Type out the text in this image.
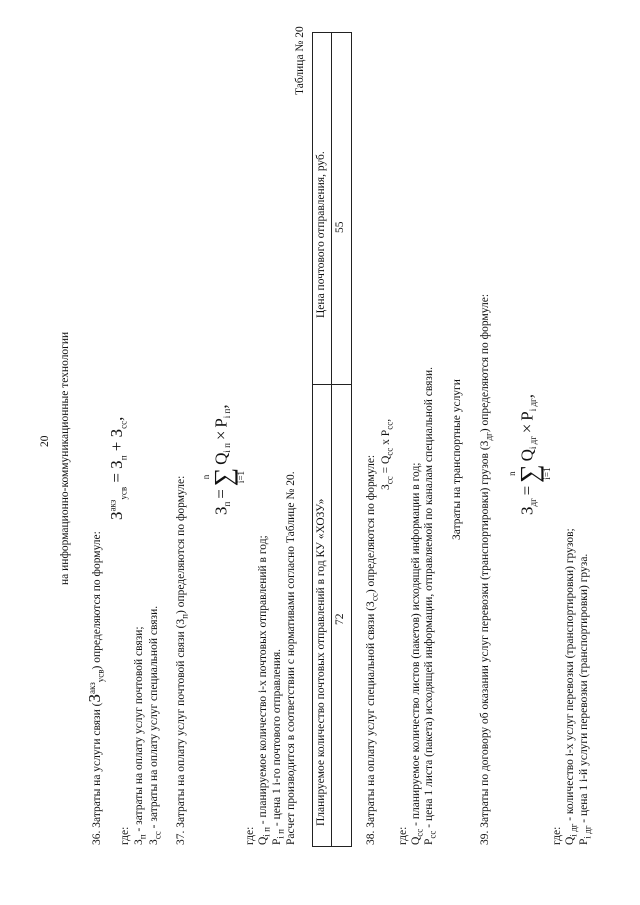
20 на информационно-коммуникационные технологии
36. Затраты на услуги связи $(З^{акз}_{усв})$ определяются по формуле:
$З^{акз}_{усв} = З_п + З_{сс}$,
где: $З_п$ - затраты на оплату услуг почтовой связи;
$З_{сс}$ - затраты на оплату услуг специальной связи. 37. Затраты на оплату услуг почтовой связи $(З_п)$ определяются по формуле:	$З_п$ =
n
∑
i=1
$Q_{i п} \times P_{i п}$,
где: $Q_{i п}$ - планируемое количество i-х почтовых отправлений в год;
$P_{i п}$ - цена 1 i-го почтового отправления. Расчет производится в соответствии с нормативами согласно Таблице № 20.
Таблица № 20
Планируемое количество почтовых отправлений в год КУ «ХОЗУ»
Цена почтового отправления, руб.
72
55
38. Затраты на оплату услуг специальной связи $(З_{сс})$ определяются по формуле: $З_{сс} = Q_{сс}$ х $P_{сс}$,
где: $Q_{сс}$ - планируемое количество листов (пакетов) исходящей информации в год;
$P_{сс}$ - цена 1 листа (пакета) исходящей информации, отправляемой по каналам специальной связи. Затраты на транспортные услуги 39. Затраты по договору об оказании услуг перевозки (транспортировки) грузов $(З_{дг})$ определяются по формуле:
$З_{дг}$ =
n
∑
i=1
$Q_{i дг} \times P_{i дг}$,
где: $Q_{i дг}$ - количество i-х услуг перевозки (транспортировки) грузов;
$P_{i дг}$ - цена 1 i-й услуги перевозки (транспортировки) груза.
